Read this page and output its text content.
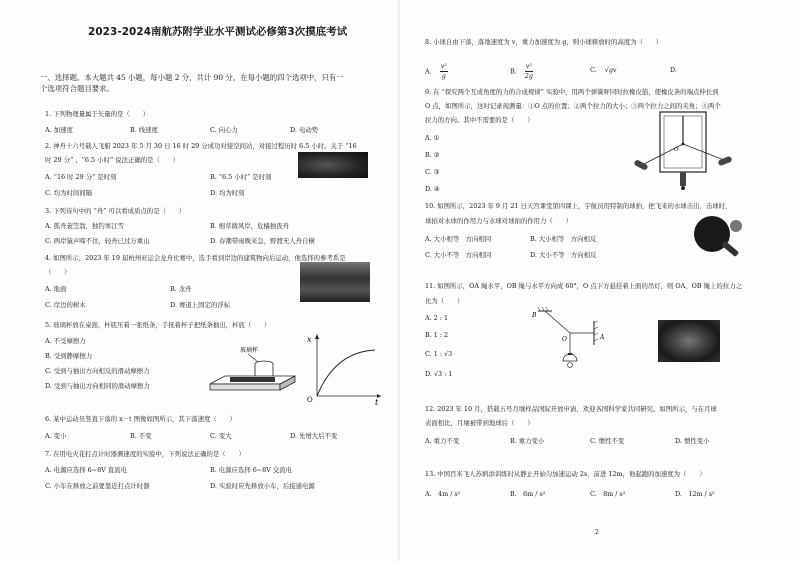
2023-2024南航苏附学业水平测试必修第3次摸底考试
一、选择题。本大题共 45 小题，每小题 2 分，共计 90 分。在每小题的四个选项中，只有一
个选项符合题目要求。
1. 下列物理量属于矢量的是（　　）
A. 加速度	B. 线速度	C. 向心力	D. 电动势
2. 神舟十六号载人飞船 2023 年 5 月 30 日 16 时 29 分成功对接空间站，对接过程历时 6.5 小时。关于 “16
时 29 分” 、“6.5 小时” 说法正确的是（　　）
A. “16 时 29 分” 是时刻	B. “6.5 小时” 是时刻
C. 均为时间间隔	D. 均为时刻
3. 下列诗句中的 “舟” 可以看成质点的是（　　）
A. 孤舟蓑笠翁，独钓寒江雪	B. 细草微风岸，危樯独夜舟
C. 两岸猿声啼不住，轻舟已过万重山	D. 春潮带雨晚来急，野渡无人舟自横
4. 如图所示，2023 年 19 届杭州亚运会龙舟比赛中，选手看到岸边的建筑物向后运动，他选择的参考系是
（　　）
A. 地面	B. 龙舟
C. 岸边的树木	D. 赛道上固定的浮标
5. 玻璃杯放在桌面，杯底压着一张纸条，手抚着杯子把纸条抽出，杯底（　　）
A. 不受摩擦力
B. 受到静摩擦力
C. 受到与抽出方向相反的滑动摩擦力
D. 受到与抽出方向相同的滑动摩擦力
玻璃杯
O
x
t
6. 某中运动员竖直下落的 x－t 图像如图所示，其下落速度（　　）
A. 变小	B. 不变	C. 变大	D. 先增大后不变
7. 在用电火花打点计时器测速度的实验中，下列说法正确的是（　　）
A. 电源应选择 6~8V 直流电	B. 电源应选择 6~8V 交流电
C. 小车在释放之前要靠近打点计时器	D. 实验时应先释放小车，后接通电源
8. 小球自由下落，落地速度为 v，重力加速度为 g，则小球释放时的高度为（　　）
A. $\frac{\text{v²}}{g}$	B. $\frac{\text{v²}}{2g}$	C. √gv	D.
9. 在 “探究两个互成角度的力的合成规律” 实验中，用两个弹簧秤同时拉橡皮筋，使橡皮条的端点伸长到
O 点，如图所示，这时记录现测量：①O 点的位置；②两个拉力的大小；③两个拉力之间的夹角；④两个
拉力的方向。其中不需要的是（　　）
A. ①
B. ②
C. ③
D. ④
O
10. 如图所示，2023 年 9 月 21 日天宫课堂第四课上，宇航员用特制的球拍，把飞来的水球击出，击球时，
球拍对水球的作用力与水球对球拍的作用力（　　）
A. 大小相等　方向相同	B. 大小相等　方向相反
C. 大小不等　方向相同	D. 大小不等　方向相反
11. 如图所示，OA 绳水平，OB 绳与水平方向成 60°，O 点下方悬挂着上面的吊灯，则 OA、OB 绳上的拉力之
比为（　　）
A. 2 : 1
B. 1 : 2
C. 1 : √3
D. √3 : 1
B
A
O
12. 2023 年 10 月，搭载五号月壤样品国际开放申请，欢迎各国科学家共同研究。如图所示，与在月球
表面相比，月壤被带到地球后（　　）
A. 重力不变	B. 重力变小	C. 惯性不变	D. 惯性变小
13. 中国百米飞人苏炳添训练时从静止开始匀加速运动 2s，前进 12m，他起跑的加速度为（　　）
A.　4m / s²	B.　6m / s²	C.　8m / s²	D.　12m / s²
2
